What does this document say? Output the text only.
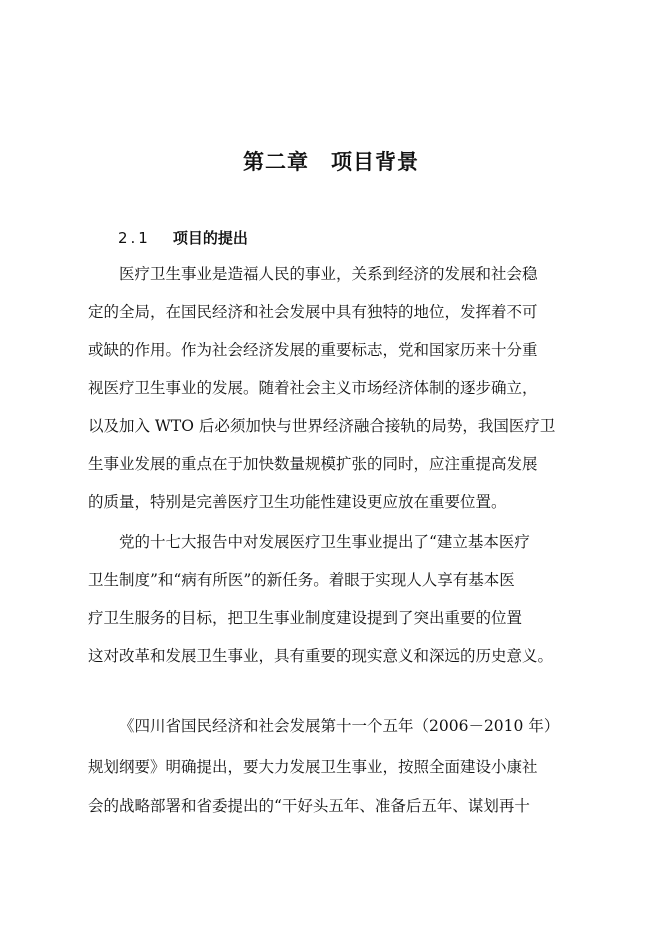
第二章　项目背景
2.1 项目的提出
医疗卫生事业是造福人民的事业，关系到经济的发展和社会稳
定的全局，在国民经济和社会发展中具有独特的地位，发挥着不可
或缺的作用。作为社会经济发展的重要标志，党和国家历来十分重
视医疗卫生事业的发展。随着社会主义市场经济体制的逐步确立，
以及加入 WTO 后必须加快与世界经济融合接轨的局势，我国医疗卫
生事业发展的重点在于加快数量规模扩张的同时，应注重提高发展
的质量，特别是完善医疗卫生功能性建设更应放在重要位置。
党的十七大报告中对发展医疗卫生事业提出了“建立基本医疗
卫生制度”和“病有所医”的新任务。着眼于实现人人享有基本医
疗卫生服务的目标，把卫生事业制度建设提到了突出重要的位置
这对改革和发展卫生事业，具有重要的现实意义和深远的历史意义。
《四川省国民经济和社会发展第十一个五年（2006－2010 年）
规划纲要》明确提出，要大力发展卫生事业，按照全面建设小康社
会的战略部署和省委提出的“干好头五年、准备后五年、谋划再十
